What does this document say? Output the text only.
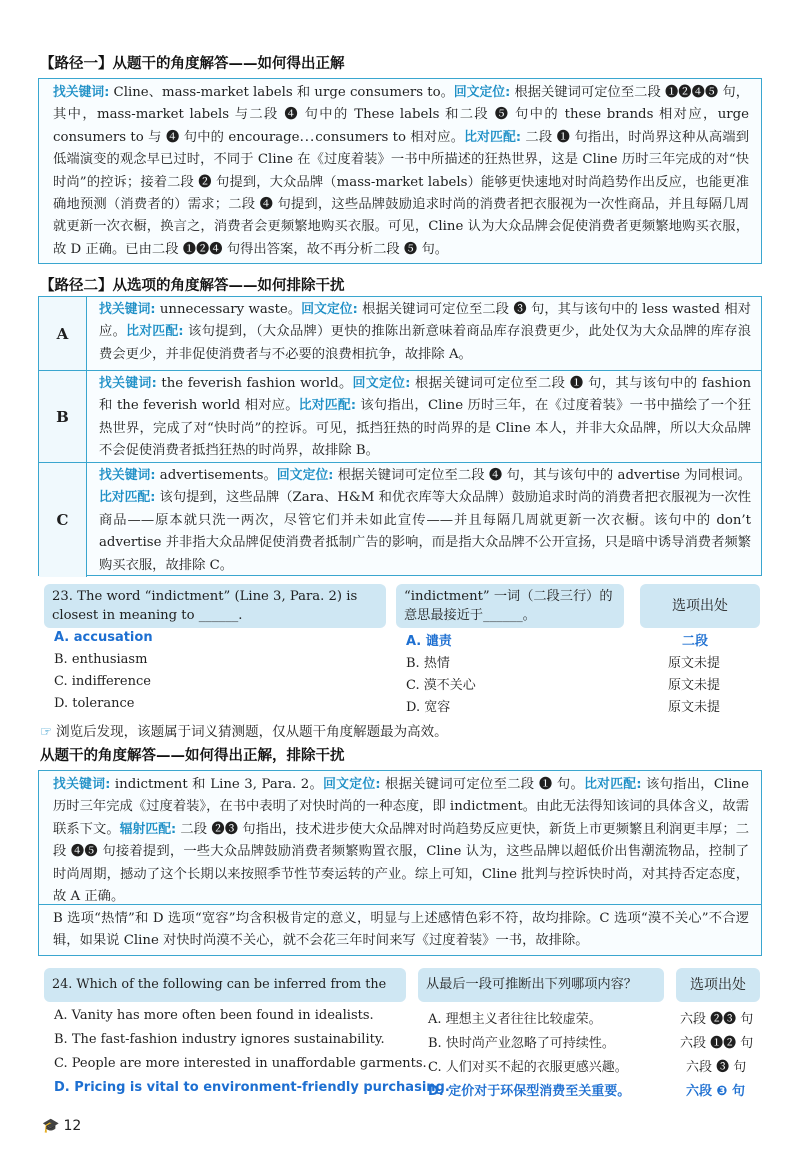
【路径一】从题干的角度解答——如何得出正解

找关键词: Cline、mass-market labels 和 urge consumers to。回文定位: 根据关键词可定位至二段 ❶❷❹❺ 句，其中，mass-market labels 与二段 ❹ 句中的 These labels 和二段 ❺ 句中的 these brands 相对应，urge consumers to 与 ❹ 句中的 encourage...consumers to 相对应。比对匹配: 二段 ❶ 句指出，时尚界这种从高端到低端演变的观念早已过时，不同于 Cline 在《过度着装》一书中所描述的狂热世界，这是 Cline 历时三年完成的对“快时尚”的控诉；接着二段 ❷ 句提到，大众品牌（mass-market labels）能够更快速地对时尚趋势作出反应，也能更准确地预测（消费者的）需求；二段 ❹ 句提到，这些品牌鼓励追求时尚的消费者把衣服视为一次性商品，并且每隔几周就更新一次衣橱，换言之，消费者会更频繁地购买衣服。可见，Cline 认为大众品牌会促使消费者更频繁地购买衣服，故 D 正确。已由二段 ❶❷❹ 句得出答案，故不再分析二段 ❺ 句。

【路径二】从选项的角度解答——如何排除干扰
A

找关键词: unnecessary waste。回文定位: 根据关键词可定位至二段 ❸ 句，其与该句中的 less wasted 相对应。比对匹配: 该句提到，（大众品牌）更快的推陈出新意味着商品库存浪费更少，此处仅为大众品牌的库存浪费会更少，并非促使消费者与不必要的浪费相抗争，故排除 A。

B

找关键词: the feverish fashion world。回文定位: 根据关键词可定位至二段 ❶ 句，其与该句中的 fashion 和 the feverish world 相对应。比对匹配: 该句指出，Cline 历时三年，在《过度着装》一书中描绘了一个狂热世界，完成了对“快时尚”的控诉。可见，抵挡狂热的时尚界的是 Cline 本人，并非大众品牌，所以大众品牌不会促使消费者抵挡狂热的时尚界，故排除 B。

C

找关键词: advertisements。回文定位: 根据关键词可定位至二段 ❹ 句，其与该句中的 advertise 为同根词。比对匹配: 该句提到，这些品牌（Zara、H&M 和优衣库等大众品牌）鼓励追求时尚的消费者把衣服视为一次性商品——原本就只洗一两次，尽管它们并未如此宣传——并且每隔几周就更新一次衣橱。该句中的 don’t advertise 并非指大众品牌促使消费者抵制广告的影响，而是指大众品牌不公开宣扬，只是暗中诱导消费者频繁购买衣服，故排除 C。

23. The word “indictment” (Line 3, Para. 2) is closest in meaning to ______.
“indictment” 一词（二段三行）的意思最接近于______。
选项出处
A. accusation
B. enthusiasm
C. indifference
D. tolerance
A. 谴责
B. 热情
C. 漠不关心
D. 宽容
二段
原文未提
原文未提
原文未提
☞ 浏览后发现，该题属于词义猜测题，仅从题干角度解题最为高效。
从题干的角度解答——如何得出正解，排除干扰

找关键词: indictment 和 Line 3, Para. 2。回文定位: 根据关键词可定位至二段 ❶ 句。比对匹配: 该句指出，Cline 历时三年完成《过度着装》，在书中表明了对快时尚的一种态度，即 indictment。由此无法得知该词的具体含义，故需联系下文。辐射匹配: 二段 ❷❸ 句指出，技术进步使大众品牌对时尚趋势反应更快，新货上市更频繁且利润更丰厚；二段 ❹❺ 句接着提到，一些大众品牌鼓励消费者频繁购置衣服，Cline 认为，这些品牌以超低价出售潮流物品，控制了时尚周期，撼动了这个长期以来按照季节性节奏运转的产业。综上可知，Cline 批判与控诉快时尚，对其持否定态度，故 A 正确。

B 选项“热情”和 D 选项“宽容”均含积极肯定的意义，明显与上述感情色彩不符，故均排除。C 选项“漠不关心”不合逻辑，如果说 Cline 对快时尚漠不关心，就不会花三年时间来写《过度着装》一书，故排除。

24. Which of the following can be inferred from the	从最后一段可推断出下列哪项内容？	选项出处
A. Vanity has more often been found in idealists.
B. The fast-fashion industry ignores sustainability.
C. People are more interested in unaffordable garments.
D. Pricing is vital to environment-friendly purchasing.
A. 理想主义者往往比较虚荣。
B. 快时尚产业忽略了可持续性。
C. 人们对买不起的衣服更感兴趣。
D. 定价对于环保型消费至关重要。
六段 ❷❸ 句
六段 ❶❷ 句
六段 ❸ 句
六段 ❸ 句
🎓 12
